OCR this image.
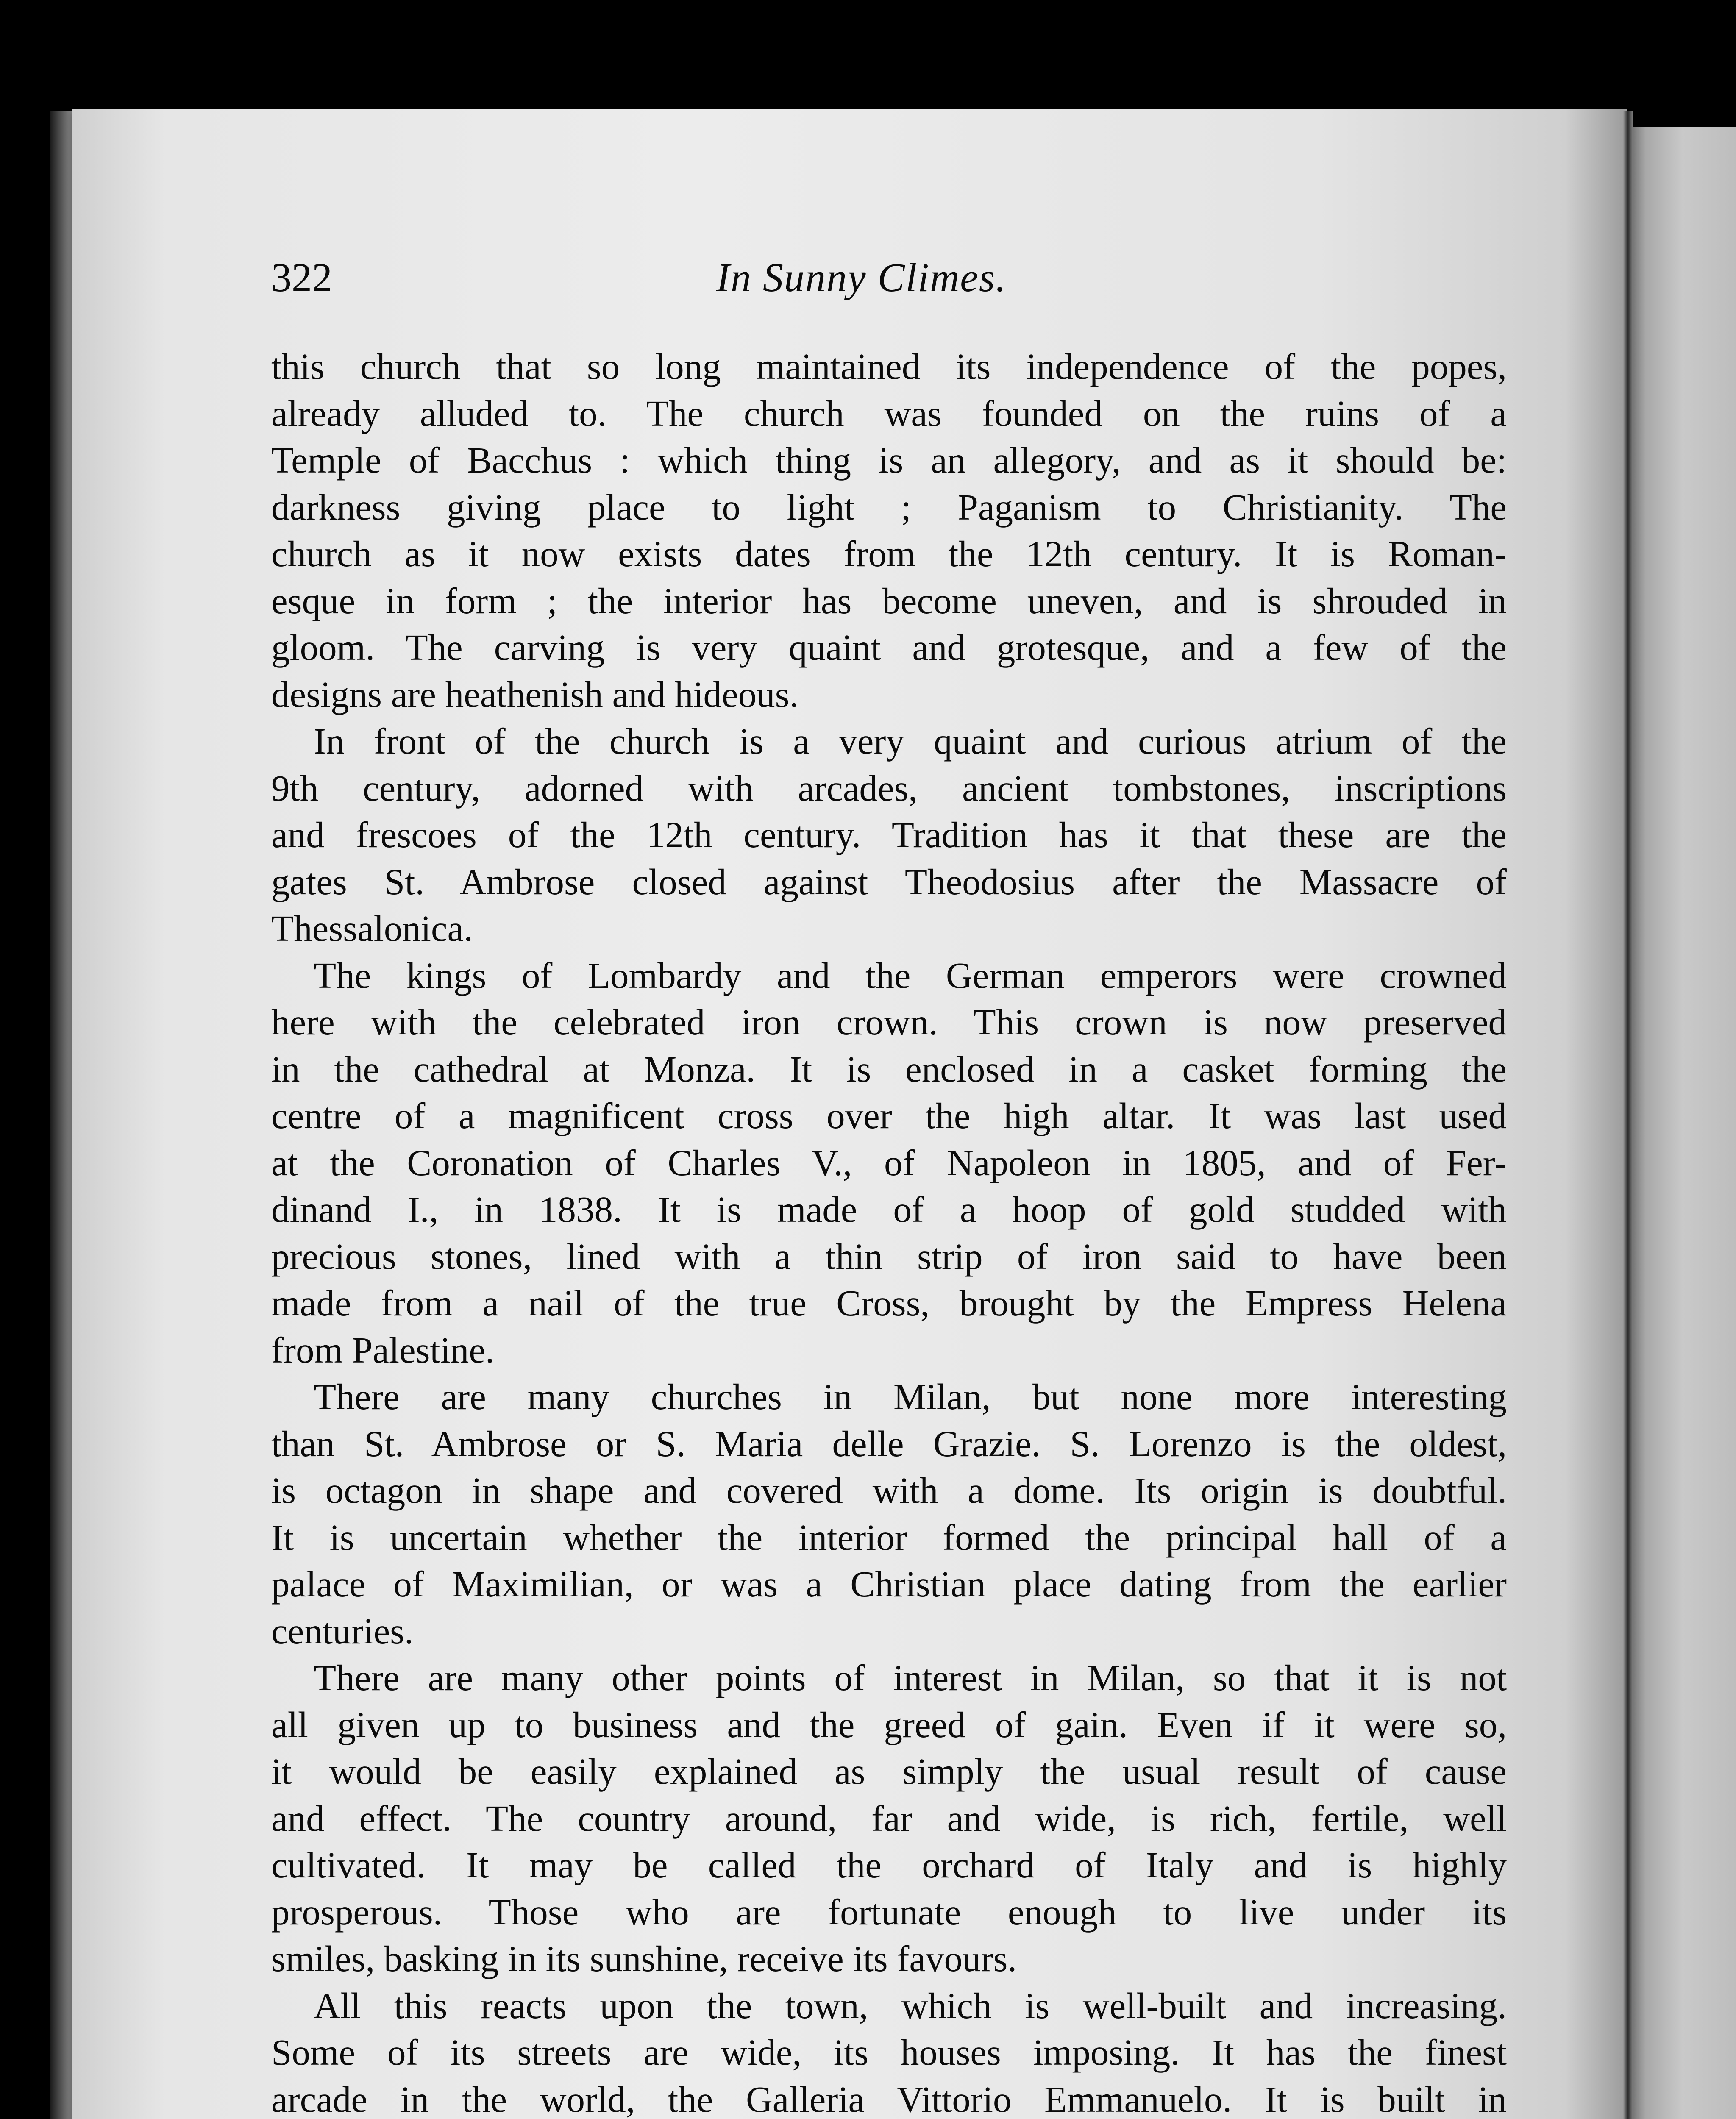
322	In Sunny Climes.
this church that so long maintained its independence of the popes,
already alluded to. The church was founded on the ruins of a
Temple of Bacchus : which thing is an allegory, and as it should be:
darkness giving place to light ; Paganism to Christianity. The
church as it now exists dates from the 12th century. It is Roman-
esque in form ; the interior has become uneven, and is shrouded in
gloom. The carving is very quaint and grotesque, and a few of the
designs are heathenish and hideous.
In front of the church is a very quaint and curious atrium of the
9th century, adorned with arcades, ancient tombstones, inscriptions
and frescoes of the 12th century. Tradition has it that these are the
gates St. Ambrose closed against Theodosius after the Massacre of
Thessalonica.
The kings of Lombardy and the German emperors were crowned
here with the celebrated iron crown. This crown is now preserved
in the cathedral at Monza. It is enclosed in a casket forming the
centre of a magnificent cross over the high altar. It was last used
at the Coronation of Charles V., of Napoleon in 1805, and of Fer-
dinand I., in 1838. It is made of a hoop of gold studded with
precious stones, lined with a thin strip of iron said to have been
made from a nail of the true Cross, brought by the Empress Helena
from Palestine.
There are many churches in Milan, but none more interesting
than St. Ambrose or S. Maria delle Grazie. S. Lorenzo is the oldest,
is octagon in shape and covered with a dome. Its origin is doubtful.
It is uncertain whether the interior formed the principal hall of a
palace of Maximilian, or was a Christian place dating from the earlier
centuries.
There are many other points of interest in Milan, so that it is not
all given up to business and the greed of gain. Even if it were so,
it would be easily explained as simply the usual result of cause
and effect. The country around, far and wide, is rich, fertile, well
cultivated. It may be called the orchard of Italy and is highly
prosperous. Those who are fortunate enough to live under its
smiles, basking in its sunshine, receive its favours.
All this reacts upon the town, which is well-built and increasing.
Some of its streets are wide, its houses imposing. It has the finest
arcade in the world, the Galleria Vittorio Emmanuelo. It is built in
